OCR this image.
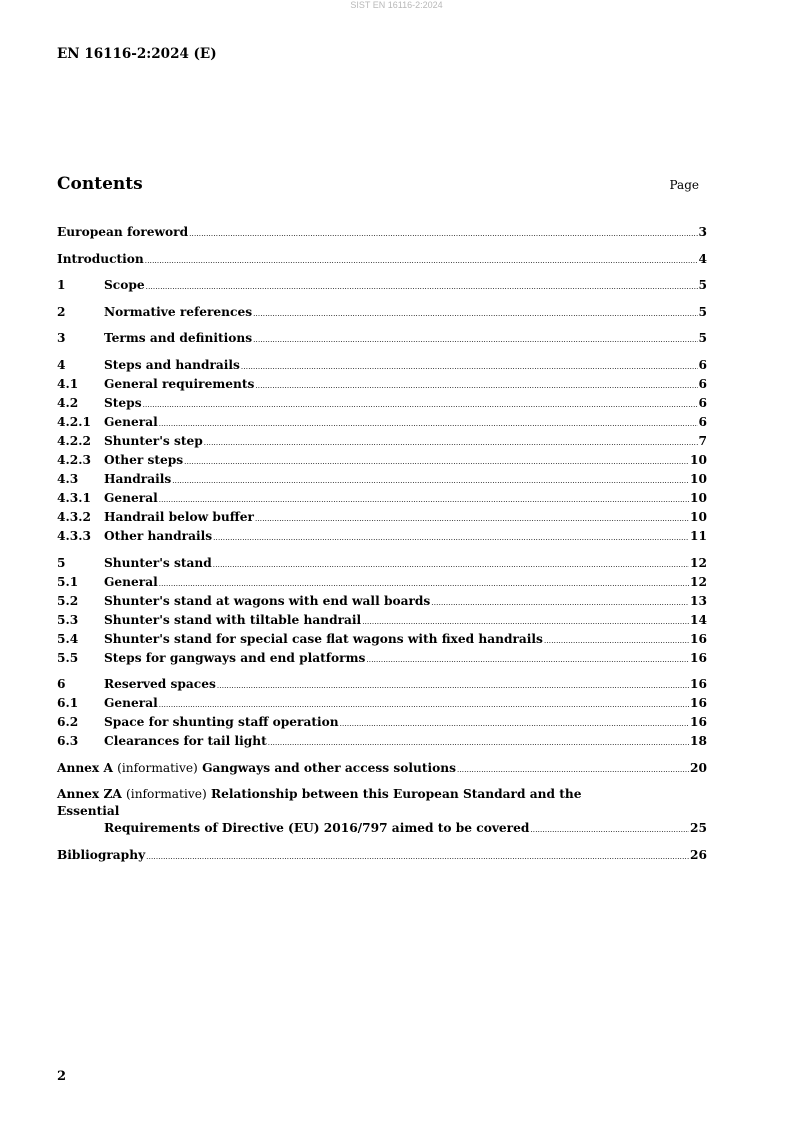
SIST EN 16116-2:2024
EN 16116-2:2024 (E)
Contents	Page
European foreword .....	3
Introduction .....	4
1	Scope .....	5
2	Normative references .....	5
3	Terms and definitions .....	5
4	Steps and handrails .....	6
4.1	General requirements .....	6
4.2	Steps .....	6
4.2.1	General .....	6
4.2.2	Shunter's step .....	7
4.2.3	Other steps .....	10
4.3	Handrails .....	10
4.3.1	General .....	10
4.3.2	Handrail below buffer .....	10
4.3.3	Other handrails .....	11
5	Shunter's stand .....	12
5.1	General .....	12
5.2	Shunter's stand at wagons with end wall boards .....	13
5.3	Shunter's stand with tiltable handrail .....	14
5.4	Shunter's stand for special case flat wagons with fixed handrails .....	16
5.5	Steps for gangways and end platforms .....	16
6	Reserved spaces .....	16
6.1	General .....	16
6.2	Space for shunting staff operation .....	16
6.3	Clearances for tail light .....	18
Annex A (informative) Gangways and other access solutions .....	20
Annex ZA (informative) Relationship between this European Standard and the Essential
Requirements of Directive (EU) 2016/797 aimed to be covered .....	25
Bibliography .....	26
2
